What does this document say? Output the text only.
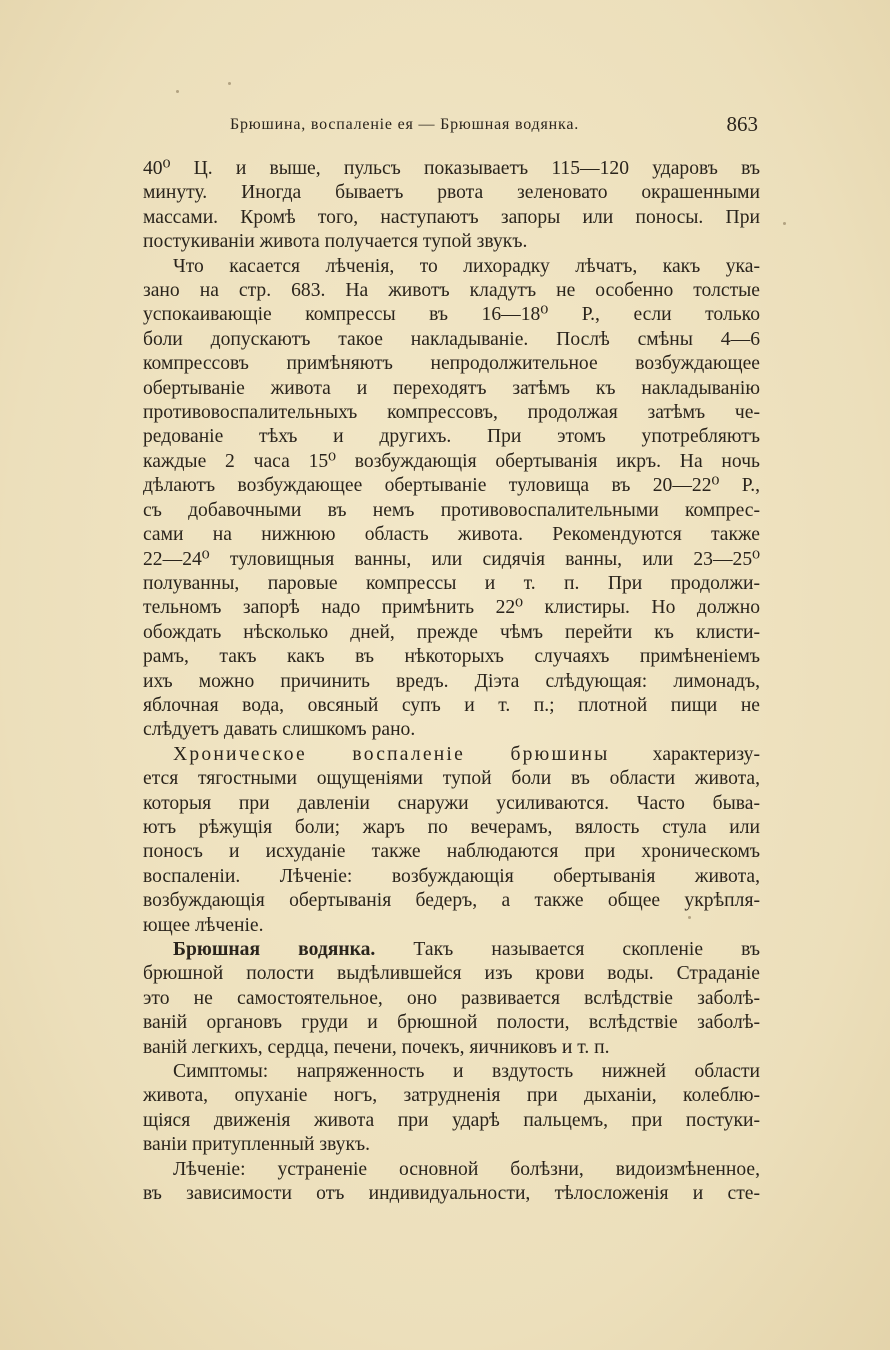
Брюшина, воспаленіе ея — Брюшная водянка.	863
40⁰ Ц. и выше, пульсъ показываетъ 115—120 ударовъ въ
минуту. Иногда бываетъ рвота зеленовато окрашенными
массами. Кромѣ того, наступаютъ запоры или поносы. При
постукиваніи живота получается тупой звукъ.
Что касается лѣченія, то лихорадку лѣчатъ, какъ ука-
зано на стр. 683. На животъ кладутъ не особенно толстые
успокаивающіе компрессы въ 16—18⁰ Р., если только
боли допускаютъ такое накладываніе. Послѣ смѣны 4—6
компрессовъ примѣняютъ непродолжительное возбуждающее
обертываніе живота и переходятъ затѣмъ къ накладыванію
противовоспалительныхъ компрессовъ, продолжая затѣмъ че-
редованіе тѣхъ и другихъ. При этомъ употребляютъ
каждые 2 часа 15⁰ возбуждающія обертыванія икръ. На ночь
дѣлаютъ возбуждающее обертываніе туловища въ 20—22⁰ Р.,
съ добавочными въ немъ противовоспалительными компрес-
сами на нижнюю область живота. Рекомендуются также
22—24⁰ туловищныя ванны, или сидячія ванны, или 23—25⁰
полуванны, паровые компрессы и т. п. При продолжи-
тельномъ запорѣ надо примѣнить 22⁰ клистиры. Но должно
обождать нѣсколько дней, прежде чѣмъ перейти къ клисти-
рамъ, такъ какъ въ нѣкоторыхъ случаяхъ примѣненіемъ
ихъ можно причинить вредъ. Діэта слѣдующая: лимонадъ,
яблочная вода, овсяный супъ и т. п.; плотной пищи не
слѣдуетъ давать слишкомъ рано.
Хроническое воспаленіе брюшины характеризу-
ется тягостными ощущеніями тупой боли въ области живота,
которыя при давленіи снаружи усиливаются. Часто быва-
ютъ рѣжущія боли; жаръ по вечерамъ, вялость стула или
поносъ и исхуданіе также наблюдаются при хроническомъ
воспаленіи. Лѣченіе: возбуждающія обертыванія живота,
возбуждающія обертыванія бедеръ, а также общее укрѣпля-
ющее лѣченіе.
Брюшная водянка. Такъ называется скопленіе въ
брюшной полости выдѣлившейся изъ крови воды. Страданіе
это не самостоятельное, оно развивается вслѣдствіе заболѣ-
ваній органовъ груди и брюшной полости, вслѣдствіе заболѣ-
ваній легкихъ, сердца, печени, почекъ, яичниковъ и т. п.
Симптомы: напряженность и вздутость нижней области
живота, опуханіе ногъ, затрудненія при дыханіи, колеблю-
щіяся движенія живота при ударѣ пальцемъ, при постуки-
ваніи притупленный звукъ.
Лѣченіе: устраненіе основной болѣзни, видоизмѣненное,
въ зависимости отъ индивидуальности, тѣлосложенія и сте-
